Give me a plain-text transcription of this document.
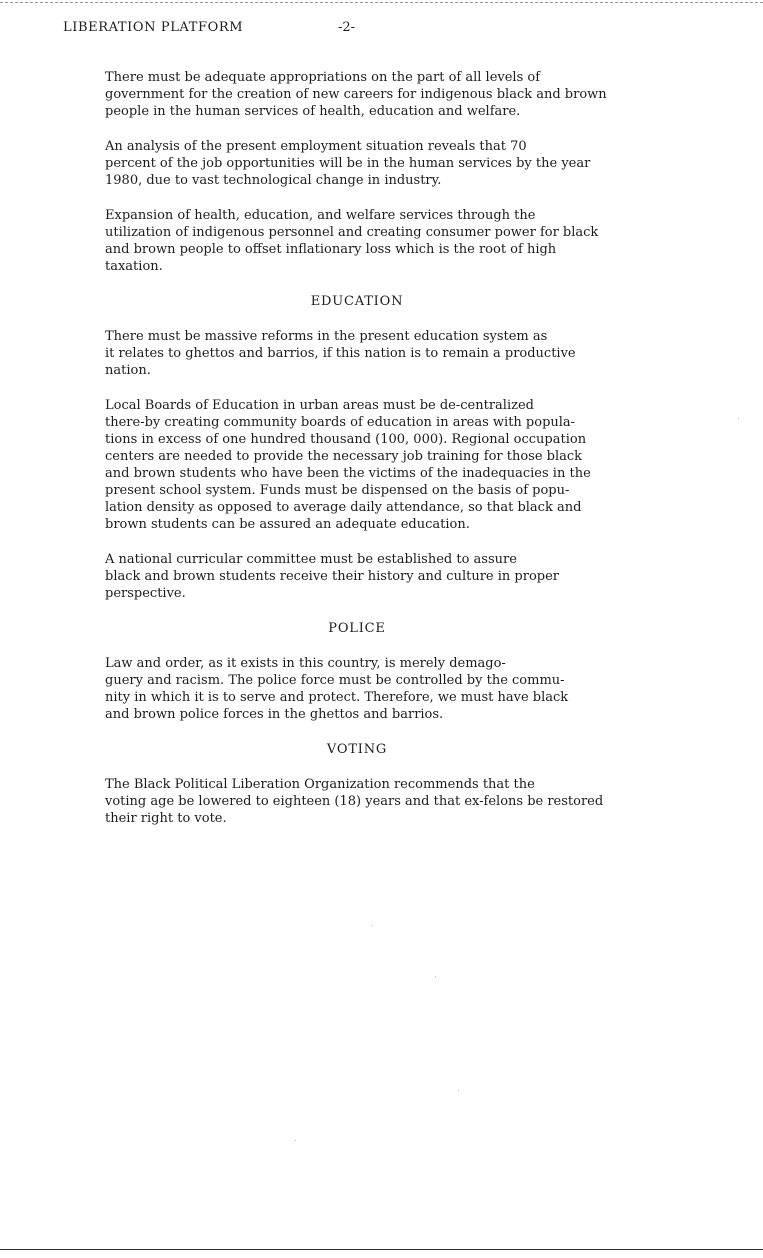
LIBERATION PLATFORM	-2-

There must be adequate appropriations on the part of all levels of
government for the creation of new careers for indigenous black and brown
people in the human services of health, education and welfare.

An analysis of the present employment situation reveals that 70
percent of the job opportunities will be in the human services by the year
1980, due to vast technological change in industry.

Expansion of health, education, and welfare services through the
utilization of indigenous personnel and creating consumer power for black
and brown people to offset inflationary loss which is the root of high
taxation.

EDUCATION

There must be massive reforms in the present education system as
it relates to ghettos and barrios, if this nation is to remain a productive
nation.

Local Boards of Education in urban areas must be de-centralized
there-by creating community boards of education in areas with popula-
tions in excess of one hundred thousand (100, 000). Regional occupation
centers are needed to provide the necessary job training for those black
and brown students who have been the victims of the inadequacies in the
present school system. Funds must be dispensed on the basis of popu-
lation density as opposed to average daily attendance, so that black and
brown students can be assured an adequate education.

A national curricular committee must be established to assure
black and brown students receive their history and culture in proper
perspective.

POLICE

Law and order, as it exists in this country, is merely demago-
guery and racism. The police force must be controlled by the commu-
nity in which it is to serve and protect. Therefore, we must have black
and brown police forces in the ghettos and barrios.

VOTING

The Black Political Liberation Organization recommends that the
voting age be lowered to eighteen (18) years and that ex-felons be restored
their right to vote.
